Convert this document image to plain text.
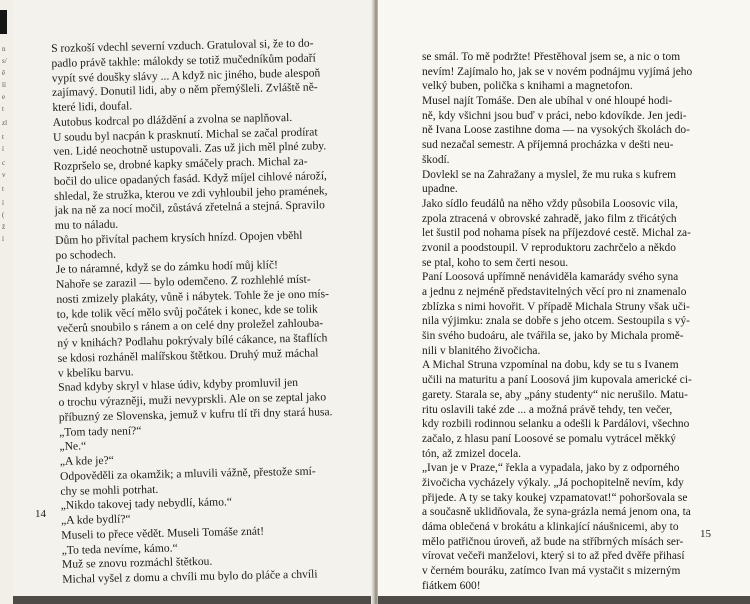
n
s/
ě
lí
e
t
zl
t
í
c
v
t
í
(
ž
í
S rozkoší vdechl severní vzduch. Gratuloval si, že to do-
padlo právě takhle: málokdy se totiž mučedníkům podaří
vypít své doušky slávy ... A když nic jiného, bude alespoň
zajímavý. Donutil lidi, aby o něm přemýšleli. Zvláště ně-
které lidi, doufal.
Autobus kodrcal po dláždění a zvolna se naplňoval.
U soudu byl nacpán k prasknutí. Michal se začal prodírat
ven. Lidé neochotně ustupovali. Zas už jich měl plné zuby.
Rozpršelo se, drobné kapky smáčely prach. Michal za-
bočil do ulice opadaných fasád. Když míjel cihlové nároží,
shledal, že stružka, kterou ve zdi vyhloubil jeho pramének,
jak na ně za nocí močil, zůstává zřetelná a stejná. Spravilo
mu to náladu.
Dům ho přivítal pachem krysích hnízd. Opojen vběhl
po schodech.
Je to náramné, když se do zámku hodí můj klíč!
Nahoře se zarazil — bylo odemčeno. Z rozhlehlé míst-
nosti zmizely plakáty, vůně i nábytek. Tohle že je ono mís-
to, kde tolik věcí mělo svůj počátek i konec, kde se tolik
večerů snoubilo s ránem a on celé dny proležel zahlouba-
ný v knihách? Podlahu pokrývaly bílé cákance, na štaflích
se kdosi rozháněl malířskou štětkou. Druhý muž máchal
v kbelíku barvu.
Snad kdyby skryl v hlase údiv, kdyby promluvil jen
o trochu výrazněji, muži nevyprskli. Ale on se zeptal jako
příbuzný ze Slovenska, jemuž v kufru tlí tři dny stará husa.
„Tom tady není?“
„Ne.“
„A kde je?“
Odpověděli za okamžik; a mluvili vážně, přestože smí-
chy se mohli potrhat.
„Nikdo takovej tady nebydlí, kámo.“
„A kde bydlí?“
Museli to přece vědět. Museli Tomáše znát!
„To teda nevíme, kámo.“
Muž se znovu rozmáchl štětkou.
Michal vyšel z domu a chvíli mu bylo do pláče a chvíli
14
se smál. To mě podržte! Přestěhoval jsem se, a nic o tom
nevím! Zajímalo ho, jak se v novém podnájmu vyjímá jeho
velký buben, polička s knihami a magnetofon.
Musel najít Tomáše. Den ale ubíhal v oné hloupé hodi-
ně, kdy všichni jsou buď v práci, nebo kdovíkde. Jen jedi-
ně Ivana Loose zastihne doma — na vysokých školách do-
sud nezačal semestr. A příjemná procházka v dešti neu-
škodí.
Dovlekl se na Zahražany a myslel, že mu ruka s kufrem
upadne.
Jako sídlo feudálů na něho vždy působila Loosovic vila,
zpola ztracená v obrovské zahradě, jako film z třicátých
let šustil pod nohama písek na příjezdové cestě. Michal za-
zvonil a poodstoupil. V reproduktoru zachrčelo a někdo
se ptal, koho to sem čerti nesou.
Paní Loosová upřímně nenáviděla kamarády svého syna
a jednu z nejméně představitelných věcí pro ni znamenalo
zblízka s nimi hovořit. V případě Michala Struny však uči-
nila výjimku: znala se dobře s jeho otcem. Sestoupila s vý-
šin svého budoáru, ale tvářila se, jako by Michala promě-
nili v blanitého živočicha.
A Michal Struna vzpomínal na dobu, kdy se tu s Ivanem
učili na maturitu a paní Loosová jim kupovala americké ci-
garety. Starala se, aby „pány studenty“ nic nerušilo. Matu-
ritu oslavili také zde ... a možná právě tehdy, ten večer,
kdy rozbili rodinnou selanku a odešli k Pardálovi, všechno
začalo, z hlasu paní Loosové se pomalu vytrácel měkký
tón, až zmizel docela.
„Ivan je v Praze,“ řekla a vypadala, jako by z odporného
živočicha vycházely výkaly. „Já pochopitelně nevím, kdy
přijede. A ty se taky koukej vzpamatovat!“ pohoršovala se
a současně uklidňovala, že syna-grázla nemá jenom ona, ta
dáma oblečená v brokátu a klinkající náušnicemi, aby to
mělo patřičnou úroveň, až bude na stříbrných mísách ser-
vírovat večeři manželovi, který si to až před dvěře přihasí
v černém bouráku, zatímco Ivan má vystačit s mizerným
fiátkem 600!
15
